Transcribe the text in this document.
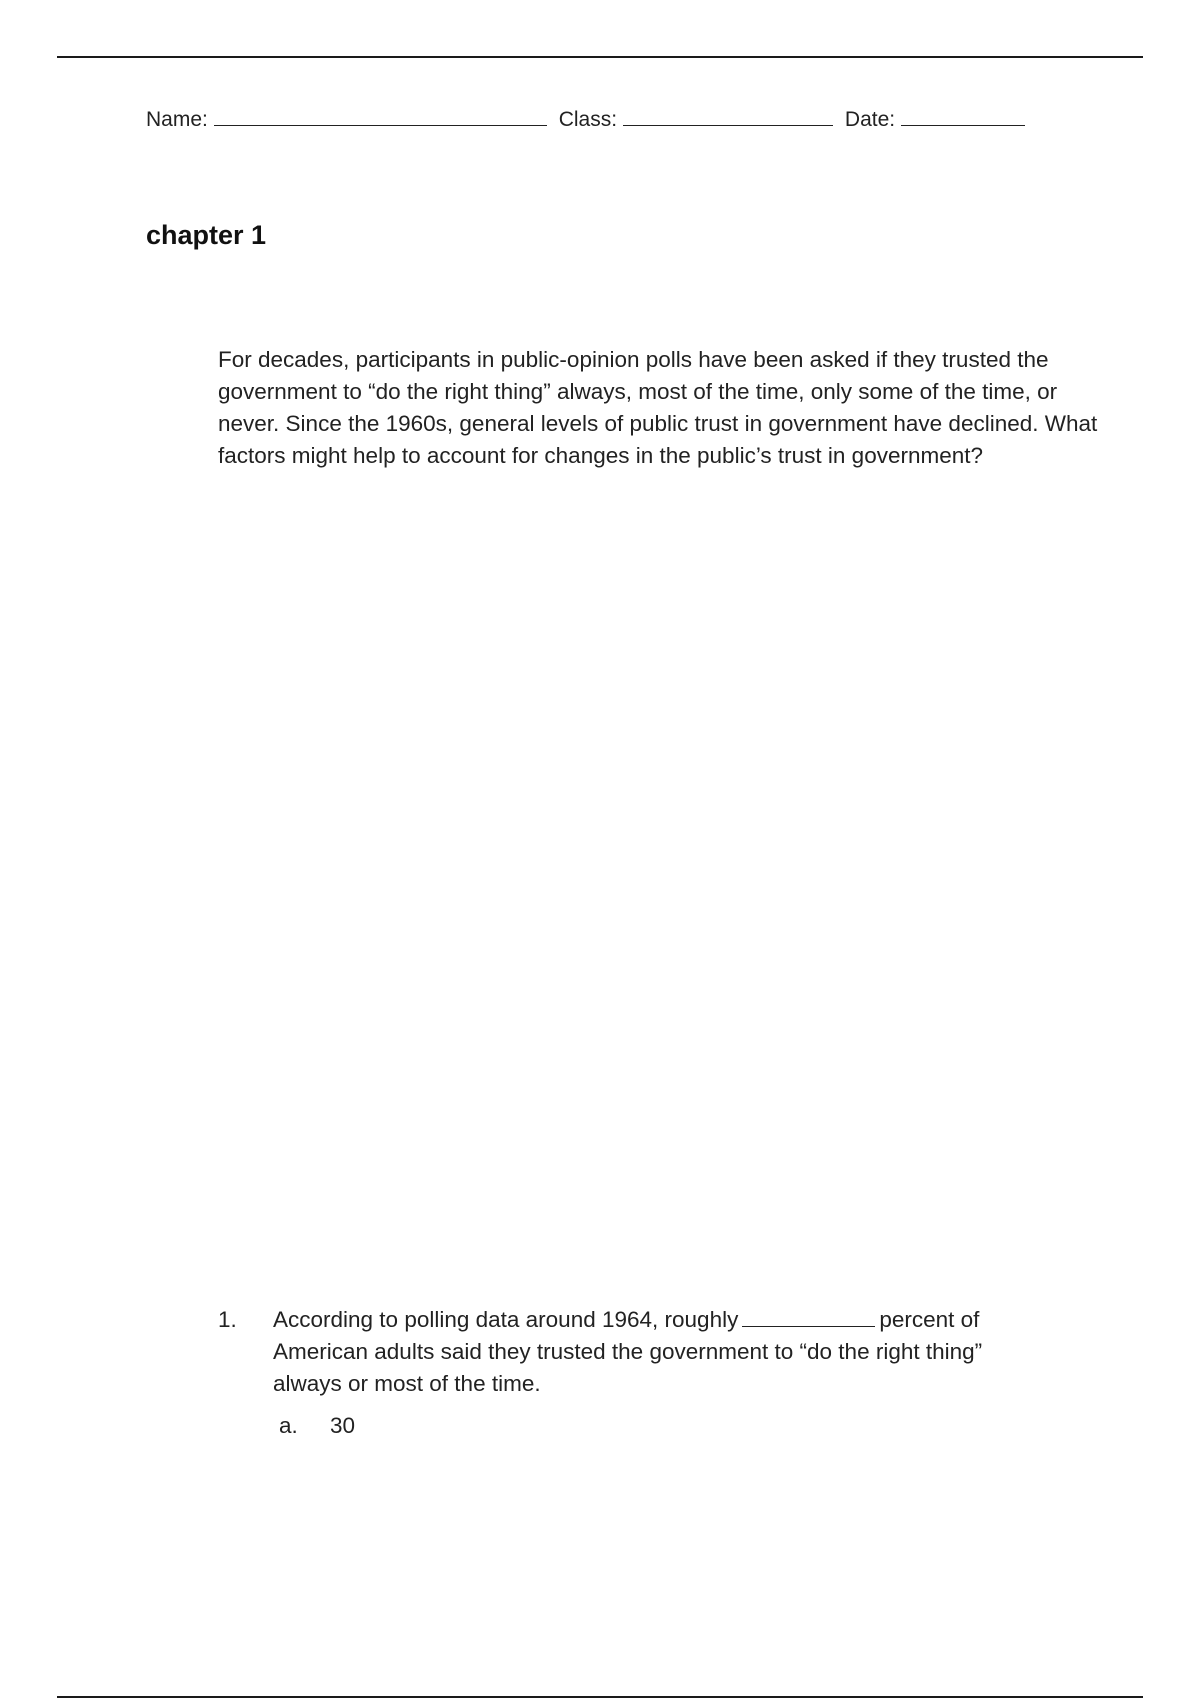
Name:	Class:	Date:
chapter 1
For decades, participants in public-opinion polls have been asked if they trusted the government to “do the right thing” always, most of the time, only some of the time, or never. Since the 1960s, general levels of public trust in government have declined. What factors might help to account for changes in the public’s trust in government?
1. According to polling data around 1964, roughly	percent of American adults said they trusted the government to “do the right thing” always or most of the time.
a. 30
